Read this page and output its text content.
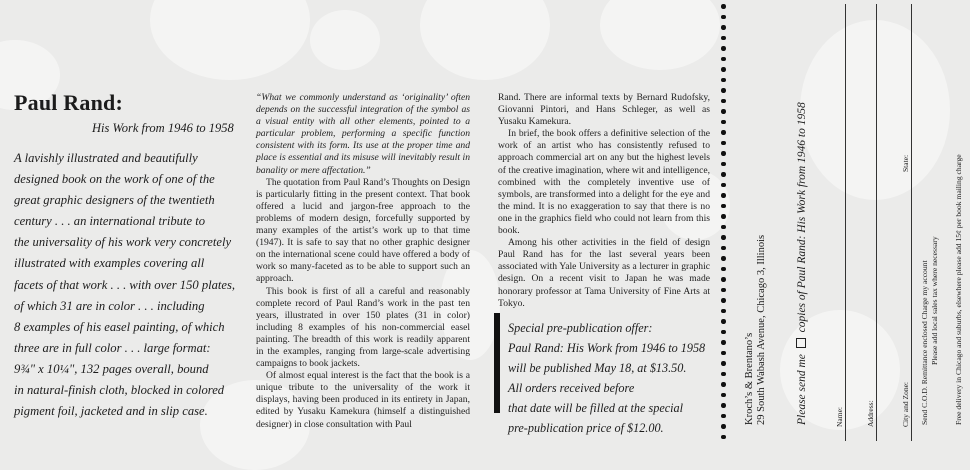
Paul Rand:
His Work from 1946 to 1958
A lavishly illustrated and beautifully
designed book on the work of one of the
great graphic designers of the twentieth
century . . . an international tribute to
the universality of his work very concretely
illustrated with examples covering all
facets of that work . . . with over 150 plates,
of which 31 are in color . . . including
8 examples of his easel painting, of which
three are in full color . . . large format:
9¾" x 10¼", 132 pages overall, bound
in natural-finish cloth, blocked in colored
pigment foil, jacketed and in slip case.

“What we commonly understand as ‘originality’ often depends on the successful integration of the symbol as a visual entity with all other elements, pointed to a particular problem, performing a specific function consistent with its form. Its use at the proper time and place is essential and its misuse will inevitably result in banality or mere affectation.”

The quotation from Paul Rand’s Thoughts on Design is particularly fitting in the present context. That book offered a lucid and jargon-free approach to the problems of modern design, forcefully supported by many examples of the artist’s work up to that time (1947). It is safe to say that no other graphic designer on the international scene could have offered a body of work so many-faceted as to be able to support such an approach.

This book is first of all a careful and reasonably complete record of Paul Rand’s work in the past ten years, illustrated in over 150 plates (31 in color) including 8 examples of his non-commercial easel painting. The breadth of this work is readily apparent in the examples, ranging from large-scale advertising campaigns to book jackets.

Of almost equal interest is the fact that the book is a unique tribute to the universality of the work it displays, having been produced in its entirety in Japan, edited by Yusaku Kamekura (himself a distinguished designer) in close consultation with Paul

Rand. There are informal texts by Bernard Rudofsky, Giovanni Pintori, and Hans Schleger, as well as Yusaku Kamekura.

In brief, the book offers a definitive selection of the work of an artist who has consistently refused to approach commercial art on any but the highest levels of the creative imagination, where wit and intelligence, combined with the completely inventive use of symbols, are transformed into a delight for the eye and the mind. It is no exaggeration to say that there is no one in the graphics field who could not learn from this book.

Among his other activities in the field of design Paul Rand has for the last several years been associated with Yale University as a lecturer in graphic design. On a recent visit to Japan he was made honorary professor at Tama University of Fine Arts at Tokyo.

Special pre-publication offer:
Paul Rand: His Work from 1946 to 1958
will be published May 18, at $13.50.
All orders received before
that date will be filled at the special
pre-publication price of $12.00.
Kroch’s & Brentano’s 29 South Wabash Avenue, Chicago 3, Illinois	Please send me  copies of Paul Rand: His Work from 1946 to 1958
Name:	Address:	City and Zone:
State:
Send C.O.D. Remittance enclosed Charge my account Please add local sales tax where necessary Free delivery in Chicago and suburbs, elsewhere please add 15¢ per book mailing charge
